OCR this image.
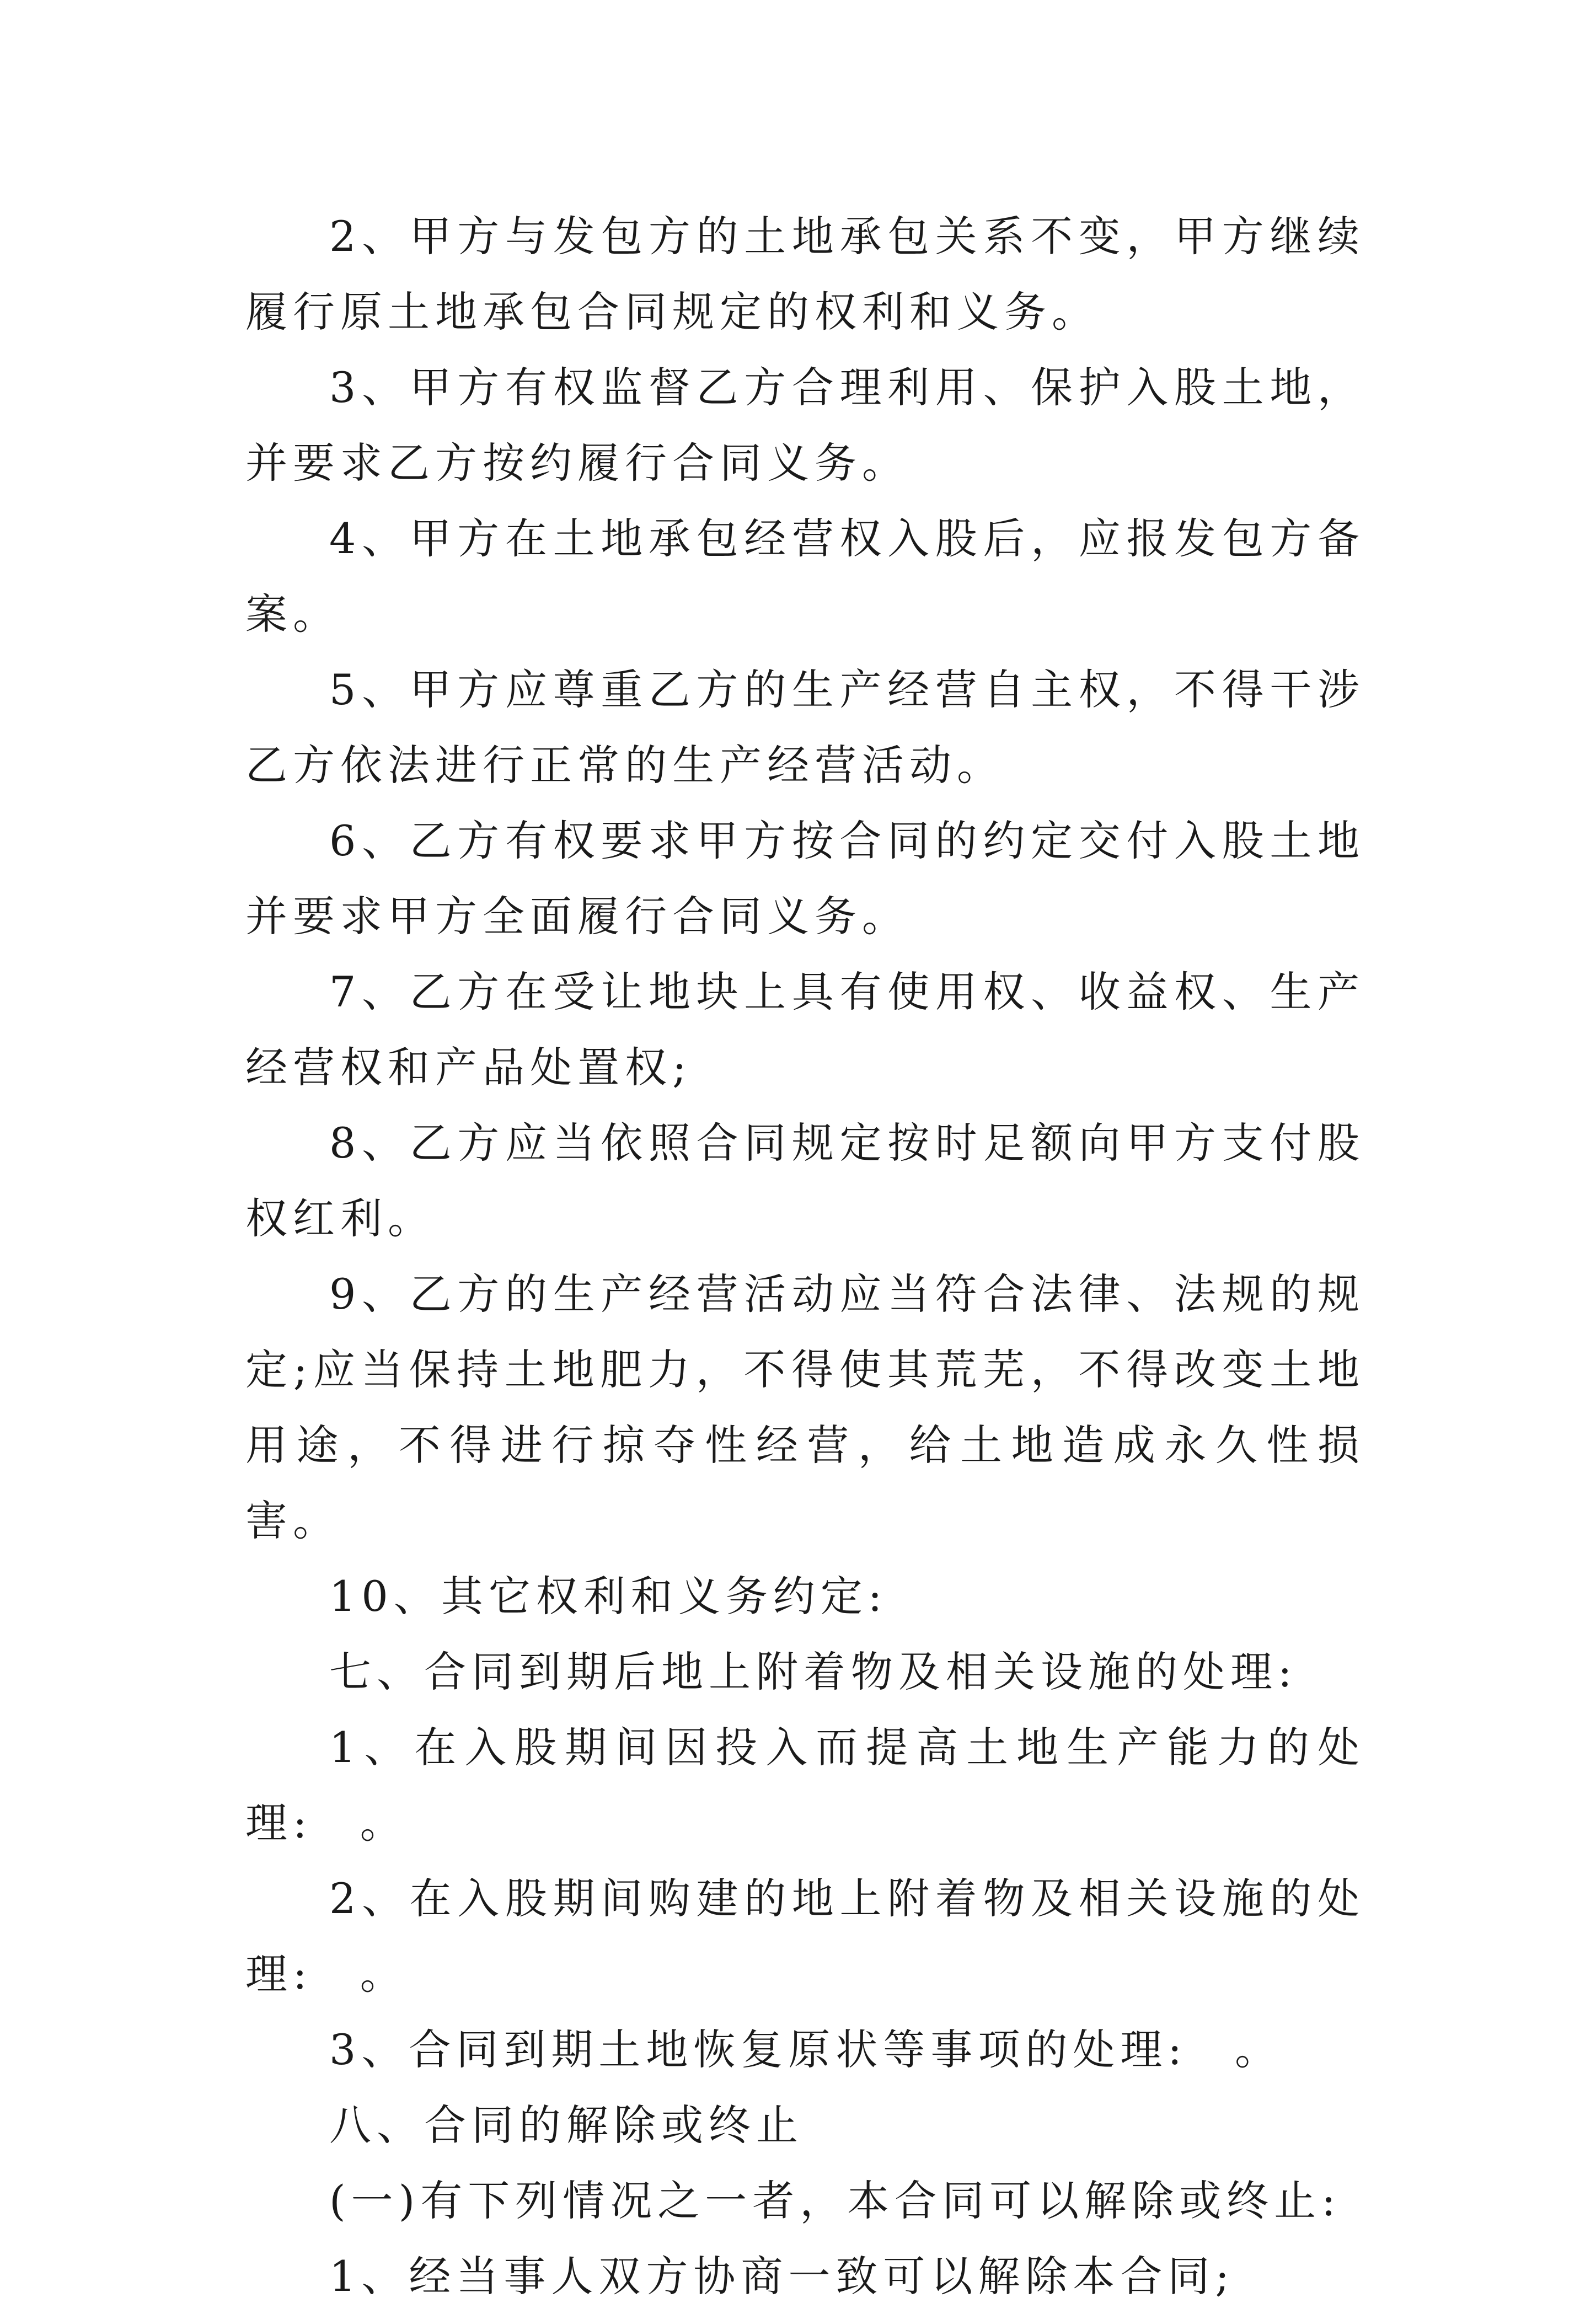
2、甲方与发包方的土地承包关系不变，甲方继续履行原土地承包合同规定的权利和义务。

3、甲方有权监督乙方合理利用、保护入股土地，并要求乙方按约履行合同义务。

4、甲方在土地承包经营权入股后，应报发包方备案。

5、甲方应尊重乙方的生产经营自主权，不得干涉乙方依法进行正常的生产经营活动。

6、乙方有权要求甲方按合同的约定交付入股土地并要求甲方全面履行合同义务。

7、乙方在受让地块上具有使用权、收益权、生产经营权和产品处置权;

8、乙方应当依照合同规定按时足额向甲方支付股权红利。

9、乙方的生产经营活动应当符合法律、法规的规定;应当保持土地肥力，不得使其荒芜，不得改变土地用途，不得进行掠夺性经营，给土地造成永久性损害。

10、其它权利和义务约定:

七、合同到期后地上附着物及相关设施的处理:

1、在入股期间因投入而提高土地生产能力的处理:　。

2、在入股期间购建的地上附着物及相关设施的处理:　。

3、合同到期土地恢复原状等事项的处理:　。

八、合同的解除或终止

(一)有下列情况之一者，本合同可以解除或终止:

1、经当事人双方协商一致可以解除本合同;
